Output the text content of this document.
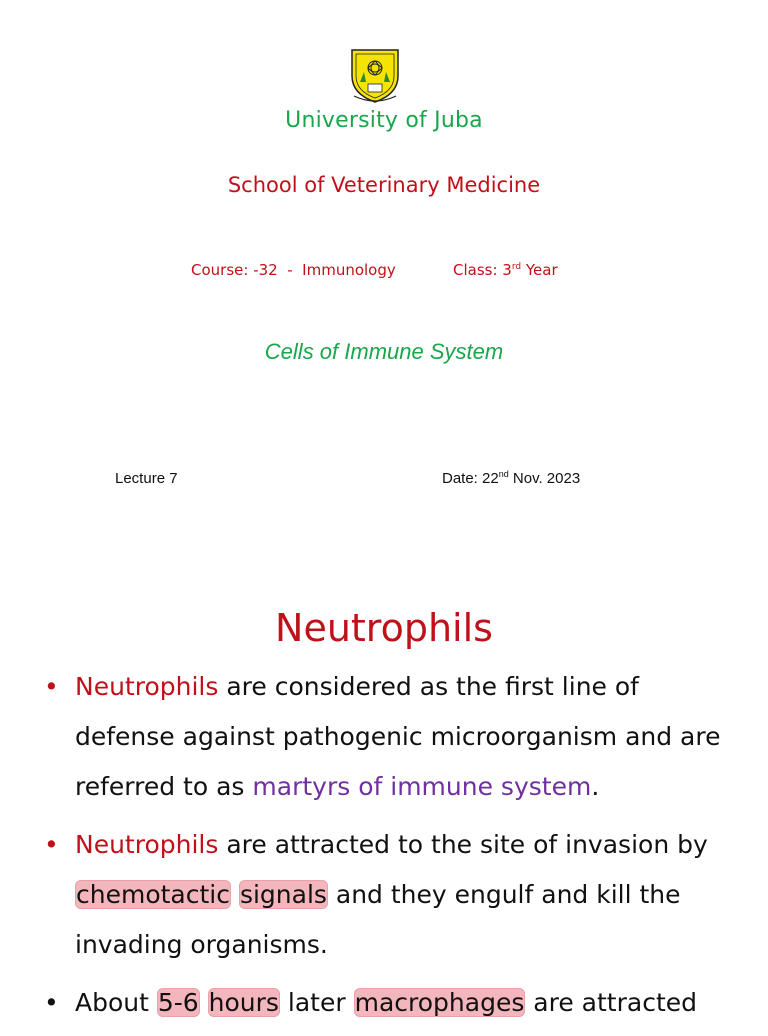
University of Juba
School of Veterinary Medicine
Course: -32  -  Immunology	Class: 3rd Year
Cells of Immune System
Lecture 7	Date: 22nd Nov. 2023
Neutrophils
• Neutrophils are considered as the first line of defense against pathogenic microorganism and are referred to as martyrs of immune system.
• Neutrophils are attracted to the site of invasion by chemotactic signals and they engulf and kill the invading organisms.
• About 5-6 hours later macrophages are attracted
